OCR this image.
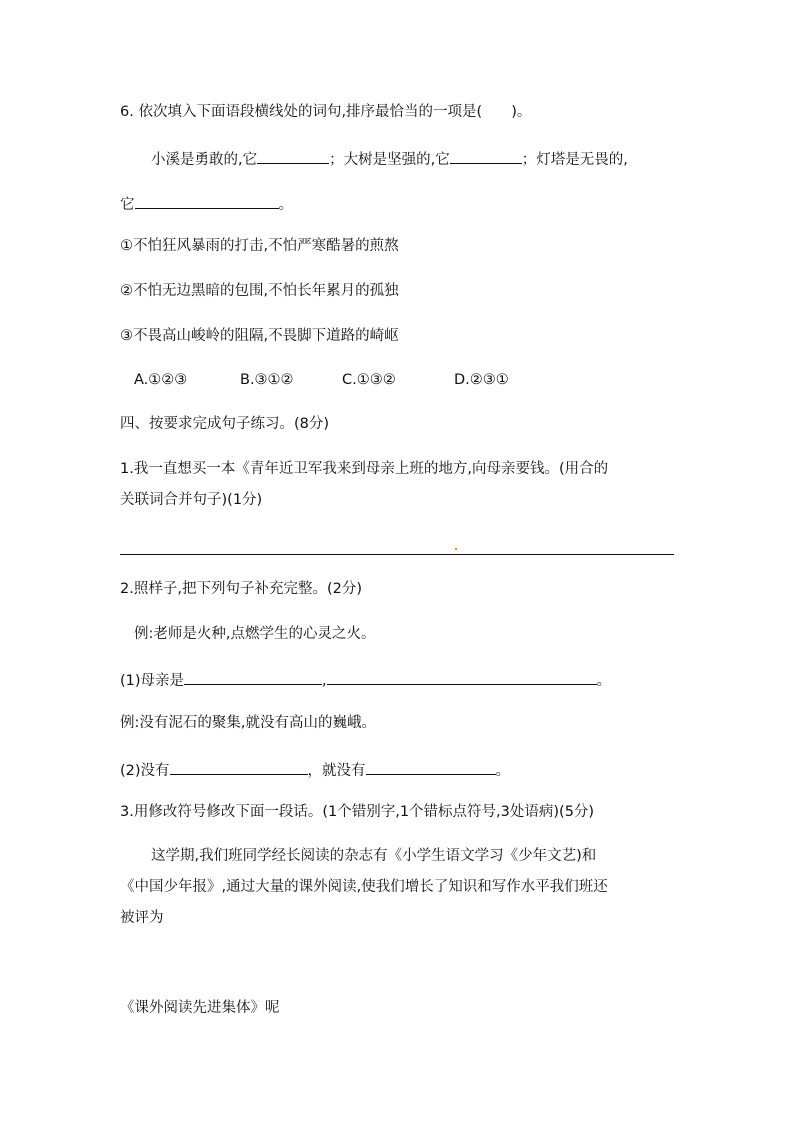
6. 依次填入下面语段横线处的词句,排序最恰当的一项是(　　)。
小溪是勇敢的,它	；大树是坚强的,它	；灯塔是无畏的,
它	。
①不怕狂风暴雨的打击,不怕严寒酷暑的煎熬
②不怕无边黑暗的包围,不怕长年累月的孤独
③不畏高山峻岭的阻隔,不畏脚下道路的崎岖
A.①②③	B.③①②	C.①③②	D.②③①
四、按要求完成句子练习。(8分)
1.我一直想买一本《青年近卫军我来到母亲上班的地方,向母亲要钱。(用合的
关联词合并句子)(1分)
2.照样子,把下列句子补充完整。(2分)
例:老师是火种,点燃学生的心灵之火。
(1)母亲是	,	。
例:没有泥石的聚集,就没有高山的巍峨。
(2)没有	，就没有	。
3.用修改符号修改下面一段话。(1个错别字,1个错标点符号,3处语病)(5分)
这学期,我们班同学经长阅读的杂志有《小学生语文学习《少年文艺)和
《中国少年报》,通过大量的课外阅读,使我们增长了知识和写作水平我们班还
被评为
《课外阅读先进集体》呢
